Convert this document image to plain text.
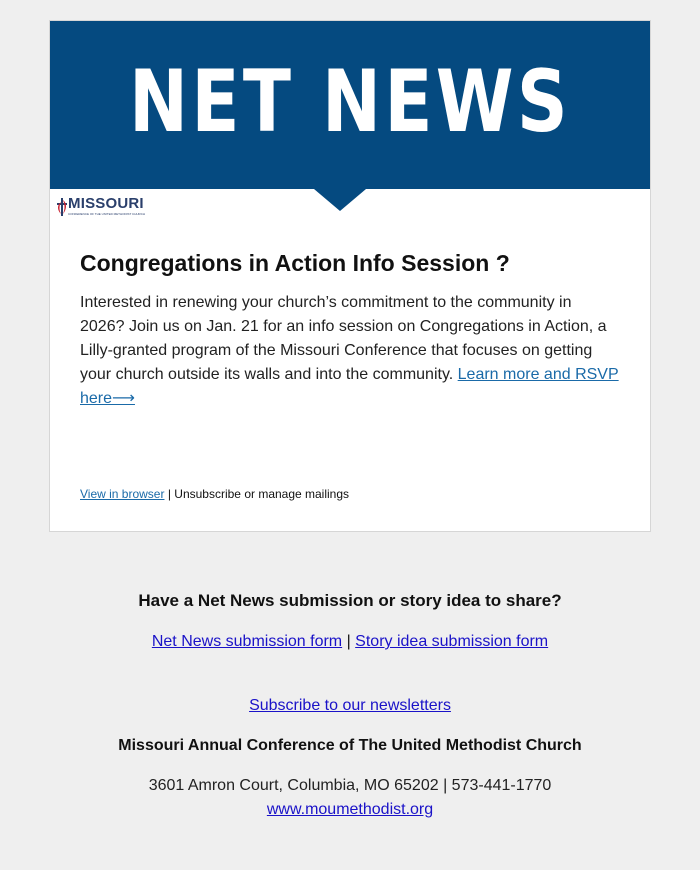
NET NEWS
MISSOURI
CONFERENCE OF THE UNITED METHODIST CHURCH
Congregations in Action Info Session ?

Interested in renewing your church’s commitment to the community in 2026? Join us on Jan. 21 for an info session on Congregations in Action, a Lilly-granted program of the Missouri Conference that focuses on getting your church outside its walls and into the community. Learn more and RSVP here⟶

View in browser | Unsubscribe or manage mailings
Have a Net News submission or story idea to share?
Net News submission form | Story idea submission form
Subscribe to our newsletters
Missouri Annual Conference of The United Methodist Church
3601 Amron Court, Columbia, MO 65202 | 573-441-1770
www.moumethodist.org
